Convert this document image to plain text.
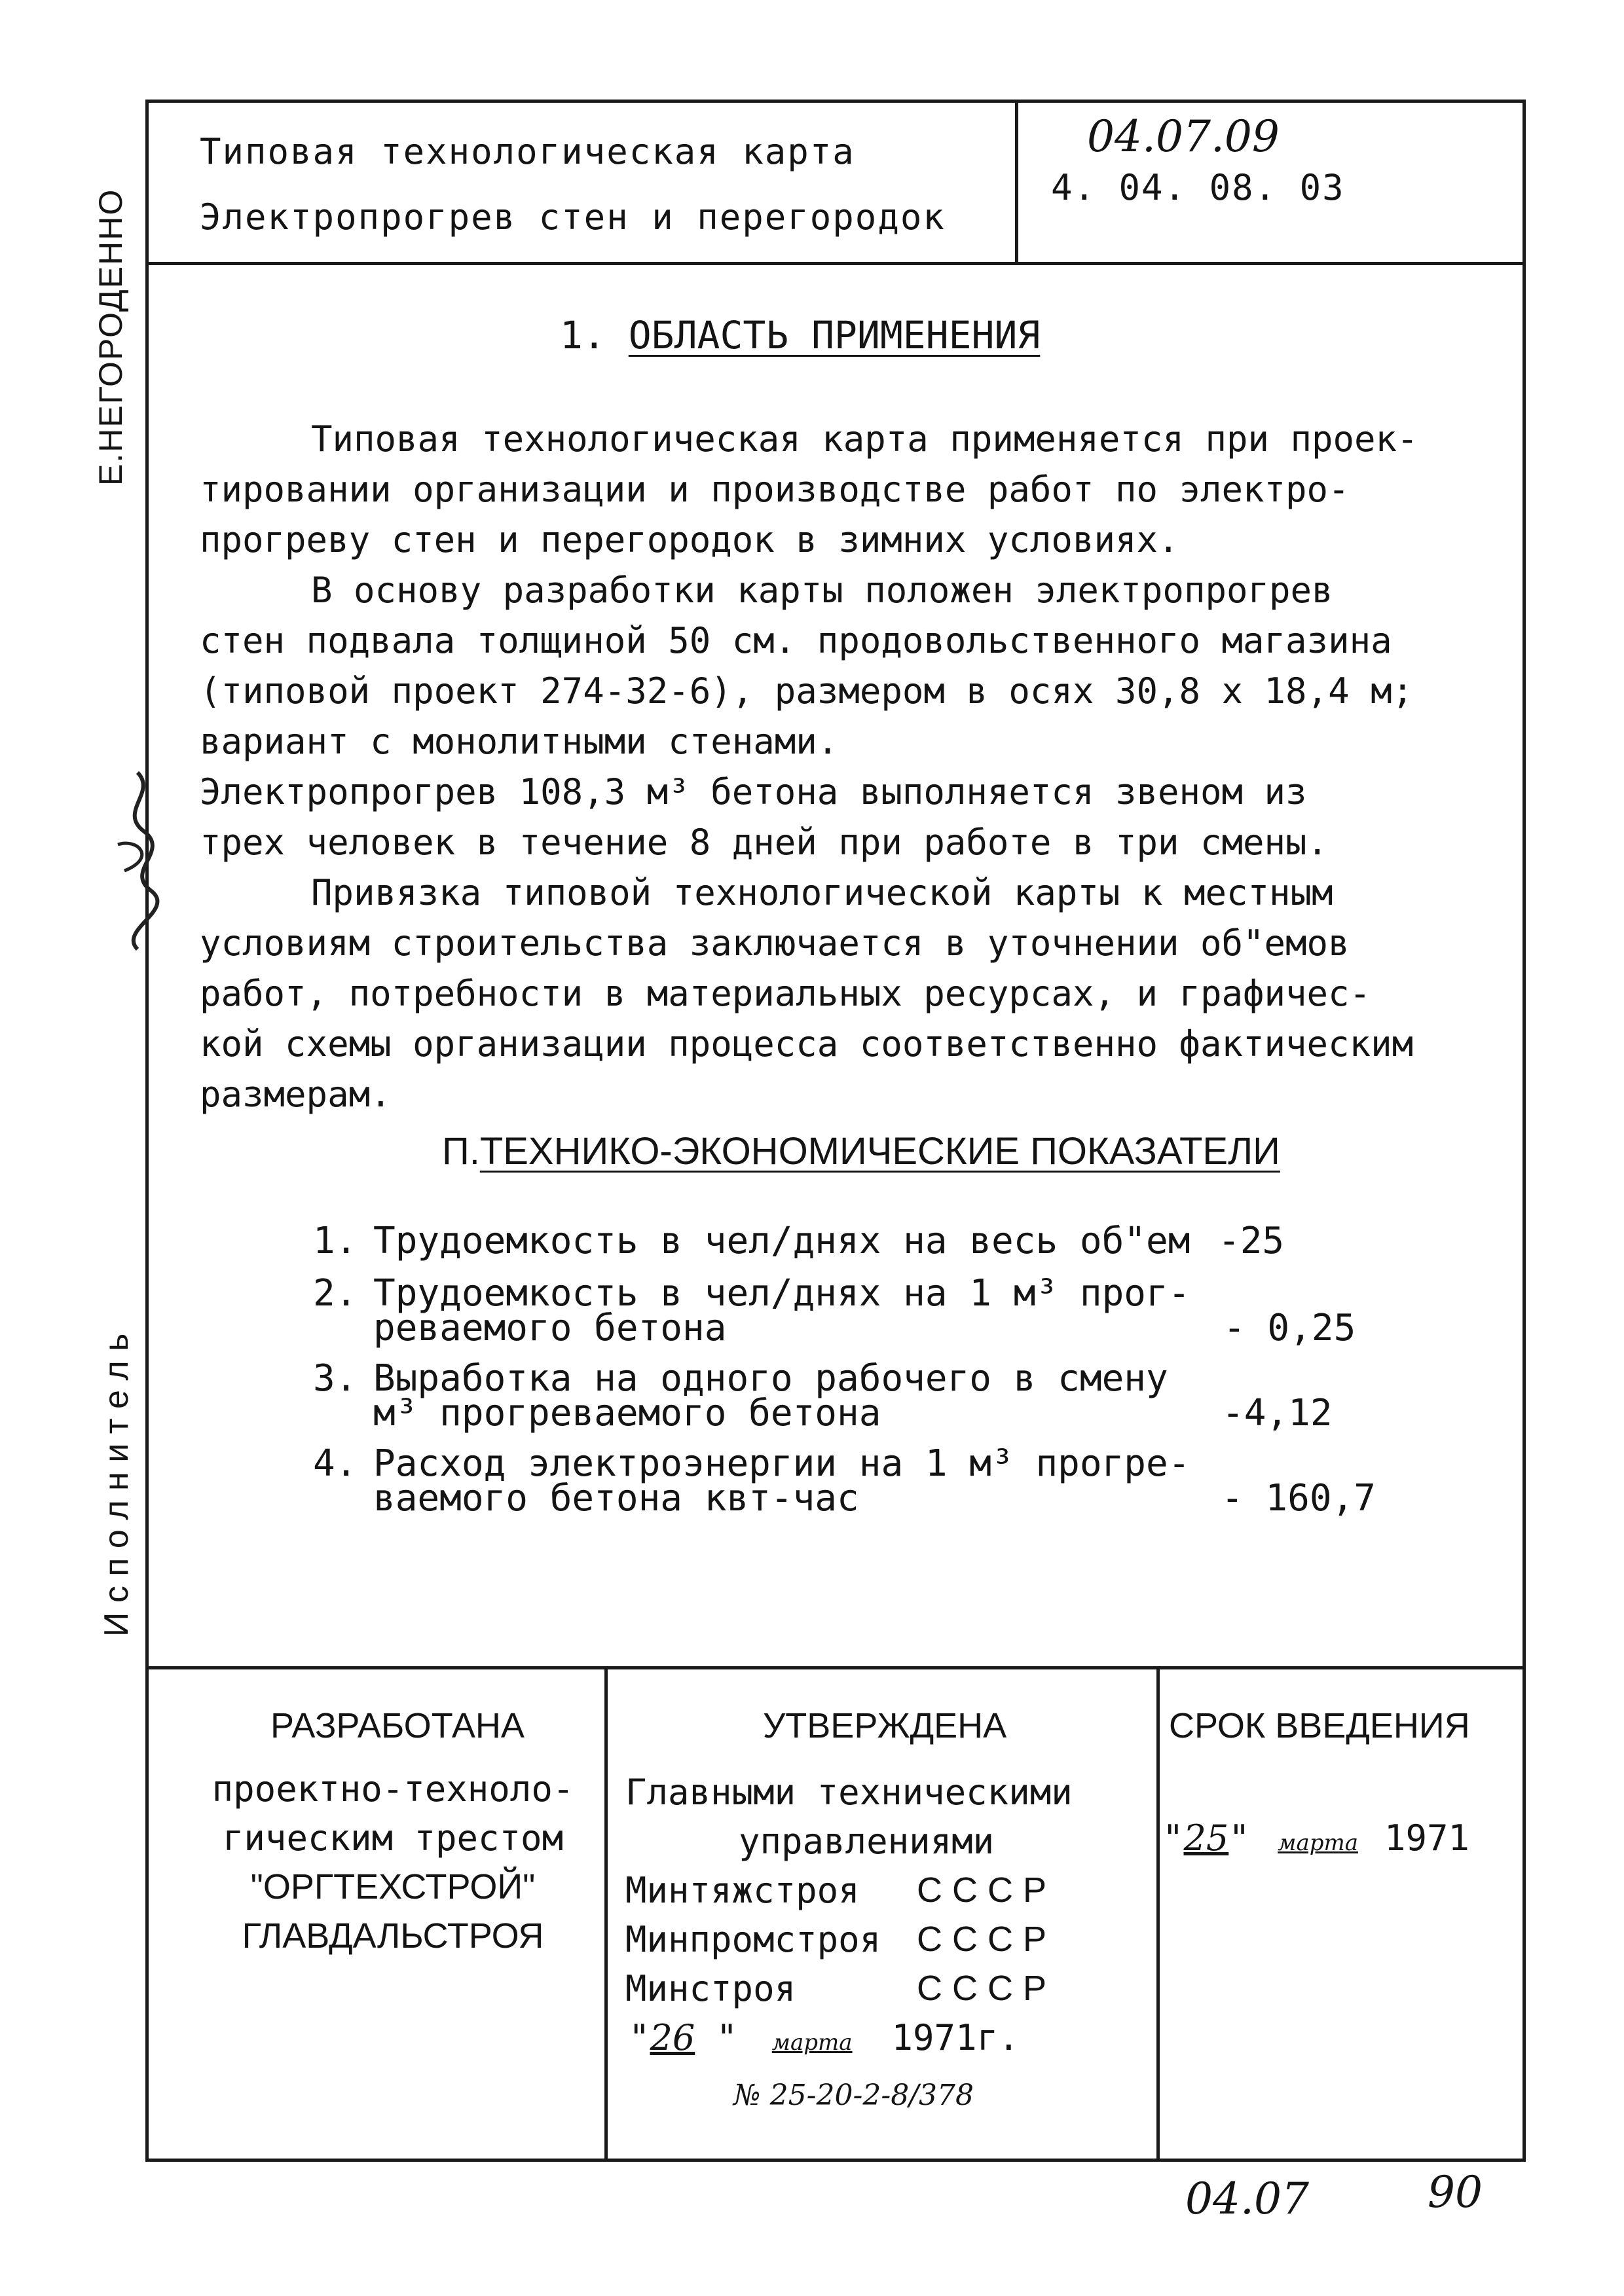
Е.НЕГОРОДЕННО
И с п о л н и т е л ь
Типовая технологическая карта
Электропрогрев стен и перегородок
04.07.09
4. 04. 08. 03
1. ОБЛАСТЬ ПРИМЕНЕНИЯ

Типовая технологическая карта применяется при проек-

тировании организации и производстве работ по электро-

прогреву стен и перегородок в зимних условиях.

В основу разработки карты положен электропрогрев

стен подвала толщиной 50 см. продовольственного магазина

(типовой проект 274-32-6), размером в осях 30,8 х 18,4 м;

вариант с монолитными стенами.

Электропрогрев 108,3 м³ бетона выполняется звеном из

трех человек в течение 8 дней при работе в три смены.

Привязка типовой технологической карты к местным

условиям строительства заключается в уточнении об"емов

работ, потребности в материальных ресурсах, и графичес-

кой схемы организации процесса соответственно фактическим

размерам.

П.ТЕХНИКО-ЭКОНОМИЧЕСКИЕ ПОКАЗАТЕЛИ
1. Трудоемкость в чел/днях на весь об"ем -25
2. Трудоемкость в чел/днях на 1 м³ прог-
реваемого бетона	- 0,25
3. Выработка на одного рабочего в смену
м³ прогреваемого бетона	-4,12
4. Расход электроэнергии на 1 м³ прогре-
ваемого бетона квт-час	- 160,7
РАЗРАБОТАНА
проектно-техноло-
гическим трестом
"ОРГТЕХСТРОЙ"
ГЛАВДАЛЬСТРОЯ
УТВЕРЖДЕНА
Главными техническими
управлениями
Минтяжстроя С С С Р
Минпромстроя С С С Р
Минстроя	С С С Р
"26 " марта 1971г.
№ 25-20-2-8/378
СРОК ВВЕДЕНИЯ
"25" марта 1971
04.07	90
